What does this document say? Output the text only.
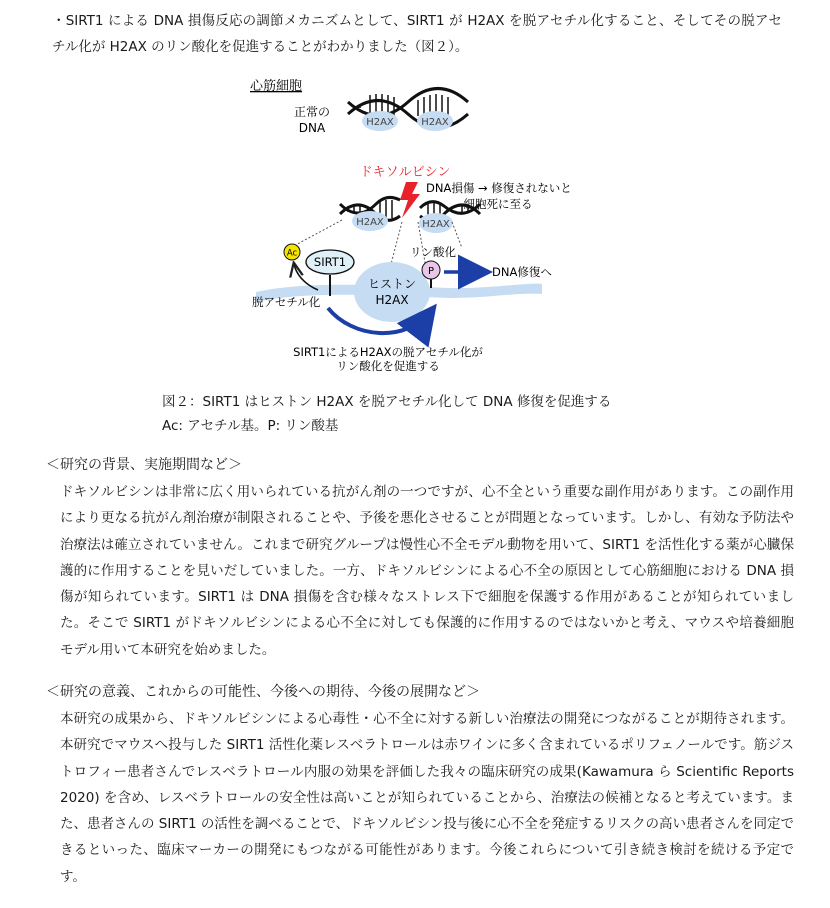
・SIRT1 による DNA 損傷反応の調節メカニズムとして、SIRT1 が H2AX を脱アセチル化すること、そしてその脱アセチル化が H2AX のリン酸化を促進することがわかりました（図２）。

心筋細胞
正常の
DNA	H2AX	H2AX
ドキソルビシン
DNA損傷 → 修復されないと
細胞死に至る
H2AX	H2AX
ヒストン
H2AX
SIRT1
Ac	リン酸化
P	DNA修復へ
脱アセチル化
SIRT1によるH2AXの脱アセチル化が
リン酸化を促進する
図２：SIRT1 はヒストン H2AX を脱アセチル化して DNA 修復を促進する
Ac: アセチル基。P: リン酸基
＜研究の背景、実施期間など＞

ドキソルビシンは非常に広く用いられている抗がん剤の一つですが、心不全という重要な副作用があります。この副作用により更なる抗がん剤治療が制限されることや、予後を悪化させることが問題となっています。しかし、有効な予防法や治療法は確立されていません。これまで研究グループは慢性心不全モデル動物を用いて、SIRT1 を活性化する薬が心臓保護的に作用することを見いだしていました。一方、ドキソルビシンによる心不全の原因として心筋細胞における DNA 損傷が知られています。SIRT1 は DNA 損傷を含む様々なストレス下で細胞を保護する作用があることが知られていました。そこで SIRT1 がドキソルビシンによる心不全に対しても保護的に作用するのではないかと考え、マウスや培養細胞モデル用いて本研究を始めました。

＜研究の意義、これからの可能性、今後への期待、今後の展開など＞

本研究の成果から、ドキソルビシンによる心毒性・心不全に対する新しい治療法の開発につながることが期待されます。本研究でマウスへ投与した SIRT1 活性化薬レスベラトロールは赤ワインに多く含まれているポリフェノールです。筋ジストロフィー患者さんでレスベラトロール内服の効果を評価した我々の臨床研究の成果(Kawamura ら Scientific Reports 2020) を含め、レスベラトロールの安全性は高いことが知られていることから、治療法の候補となると考えています。また、患者さんの SIRT1 の活性を調べることで、ドキソルビシン投与後に心不全を発症するリスクの高い患者さんを同定できるといった、臨床マーカーの開発にもつながる可能性があります。今後これらについて引き続き検討を続ける予定です。
